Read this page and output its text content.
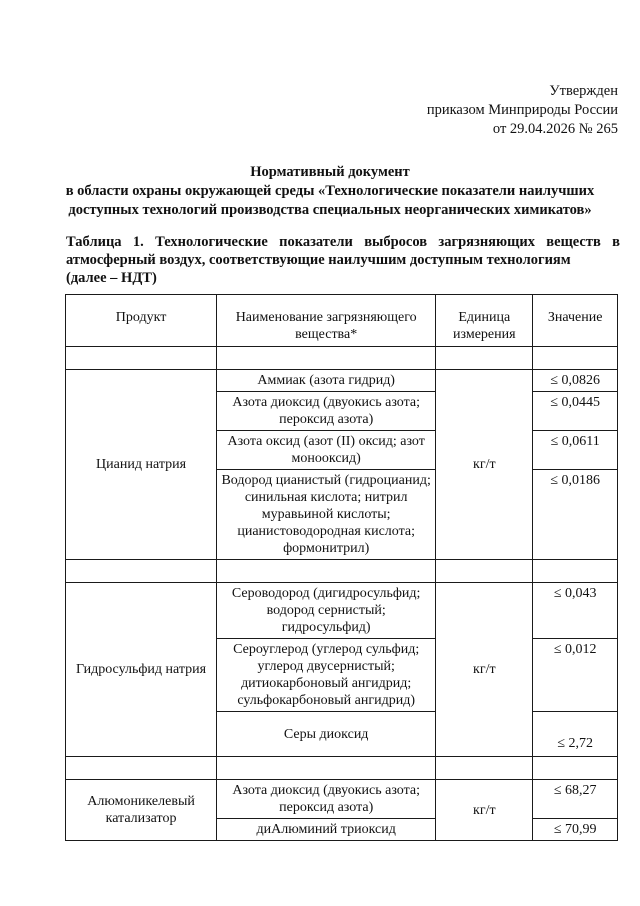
Утвержден
приказом Минприроды России
от 29.04.2026 № 265
Нормативный документ
в области охраны окружающей среды «Технологические показатели наилучших
доступных технологий производства специальных неорганических химикатов»
Таблица 1. Технологические показатели выбросов загрязняющих веществ в атмосферный воздух, соответствующие наилучшим доступным технологиям
(далее – НДТ)
Продукт	Наименование загрязняющего вещества*	Единица измерения	Значение

Цианид натрия	Аммиак (азота гидрид)	кг/т	≤ 0,0826
	Азота диоксид (двуокись азота; пероксид азота)		≤ 0,0445
	Азота оксид (азот (II) оксид; азот монооксид)		≤ 0,0611
	Водород цианистый (гидроцианид; синильная кислота; нитрил муравьиной кислоты; цианистоводородная кислота; формонитрил)		≤ 0,0186

Гидросульфид натрия	Сероводород (дигидросульфид; водород сернистый; гидросульфид)	кг/т	≤ 0,043
	Сероуглерод (углерод сульфид; углерод двусернистый; дитиокарбоновый ангидрид; сульфокарбоновый ангидрид)		≤ 0,012
	Серы диоксид		≤ 2,72

Алюмоникелевый катализатор	Азота диоксид (двуокись азота; пероксид азота)	кг/т	≤ 68,27
	диАлюминий триоксид		≤ 70,99
